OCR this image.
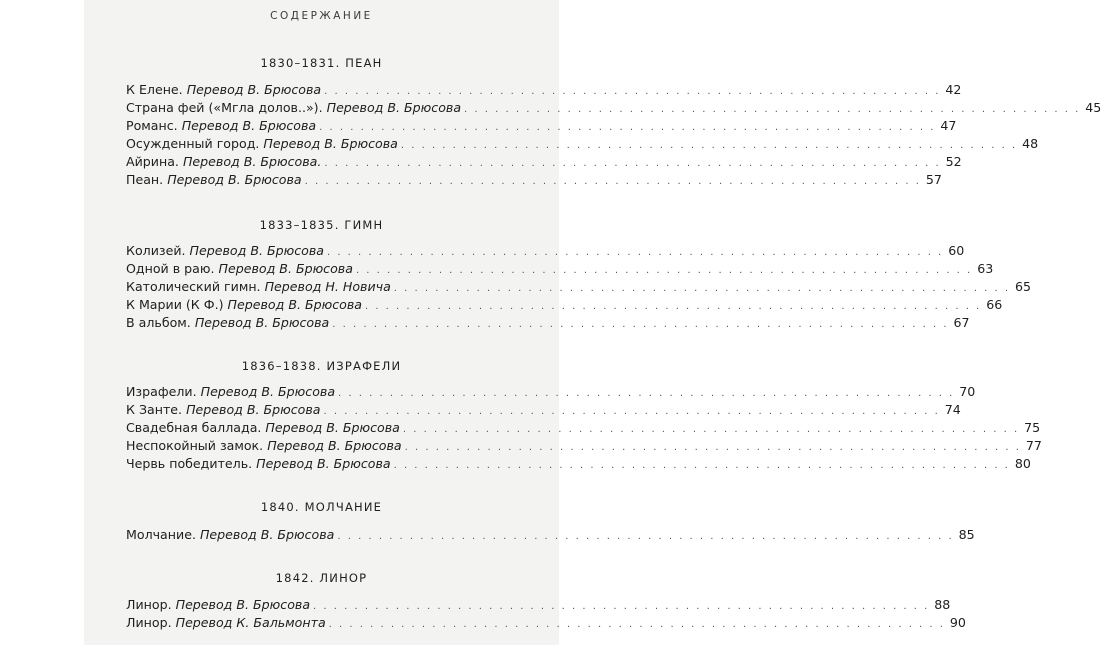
СОДЕРЖАНИЕ
1830–1831. ПЕАН
К Елене. Перевод В. Брюсова . . . . . . . . . . . . . . . . . . . . . . . . . . . . . . . . . . . . . . . . . . . . . . . . . . . . . . . . . . . . 42
Страна фей («Мгла долов..»). Перевод В. Брюсова . . . . . . . . . . . . . . . . . . . . . . . . . . . . . . . . . . . . . . . . . . . . . . . . . . . . . . . . . . . . 45
Романс. Перевод В. Брюсова . . . . . . . . . . . . . . . . . . . . . . . . . . . . . . . . . . . . . . . . . . . . . . . . . . . . . . . . . . . . 47
Осужденный город. Перевод В. Брюсова . . . . . . . . . . . . . . . . . . . . . . . . . . . . . . . . . . . . . . . . . . . . . . . . . . . . . . . . . . . . 48
Айрина. Перевод В. Брюсова. . . . . . . . . . . . . . . . . . . . . . . . . . . . . . . . . . . . . . . . . . . . . . . . . . . . . . . . . . . . . 52
Пеан. Перевод В. Брюсова . . . . . . . . . . . . . . . . . . . . . . . . . . . . . . . . . . . . . . . . . . . . . . . . . . . . . . . . . . . . 57
1833–1835. ГИМН
Колизей. Перевод В. Брюсова . . . . . . . . . . . . . . . . . . . . . . . . . . . . . . . . . . . . . . . . . . . . . . . . . . . . . . . . . . . . 60
Одной в раю. Перевод В. Брюсова . . . . . . . . . . . . . . . . . . . . . . . . . . . . . . . . . . . . . . . . . . . . . . . . . . . . . . . . . . . . 63
Католический гимн. Перевод Н. Новича . . . . . . . . . . . . . . . . . . . . . . . . . . . . . . . . . . . . . . . . . . . . . . . . . . . . . . . . . . . . 65
К Марии (К Ф.) Перевод В. Брюсова . . . . . . . . . . . . . . . . . . . . . . . . . . . . . . . . . . . . . . . . . . . . . . . . . . . . . . . . . . . . 66
В альбом. Перевод В. Брюсова . . . . . . . . . . . . . . . . . . . . . . . . . . . . . . . . . . . . . . . . . . . . . . . . . . . . . . . . . . . . 67
1836–1838. ИЗРАФЕЛИ
Израфели. Перевод В. Брюсова . . . . . . . . . . . . . . . . . . . . . . . . . . . . . . . . . . . . . . . . . . . . . . . . . . . . . . . . . . . . 70
К Занте. Перевод В. Брюсова . . . . . . . . . . . . . . . . . . . . . . . . . . . . . . . . . . . . . . . . . . . . . . . . . . . . . . . . . . . . 74
Свадебная баллада. Перевод В. Брюсова . . . . . . . . . . . . . . . . . . . . . . . . . . . . . . . . . . . . . . . . . . . . . . . . . . . . . . . . . . . . 75
Неспокойный замок. Перевод В. Брюсова . . . . . . . . . . . . . . . . . . . . . . . . . . . . . . . . . . . . . . . . . . . . . . . . . . . . . . . . . . . . 77
Червь победитель. Перевод В. Брюсова . . . . . . . . . . . . . . . . . . . . . . . . . . . . . . . . . . . . . . . . . . . . . . . . . . . . . . . . . . . . 80
1840. МОЛЧАНИЕ
Молчание. Перевод В. Брюсова . . . . . . . . . . . . . . . . . . . . . . . . . . . . . . . . . . . . . . . . . . . . . . . . . . . . . . . . . . . . 85
1842. ЛИНОР
Линор. Перевод В. Брюсова . . . . . . . . . . . . . . . . . . . . . . . . . . . . . . . . . . . . . . . . . . . . . . . . . . . . . . . . . . . . 88
Линор. Перевод К. Бальмонта . . . . . . . . . . . . . . . . . . . . . . . . . . . . . . . . . . . . . . . . . . . . . . . . . . . . . . . . . . . . 90
